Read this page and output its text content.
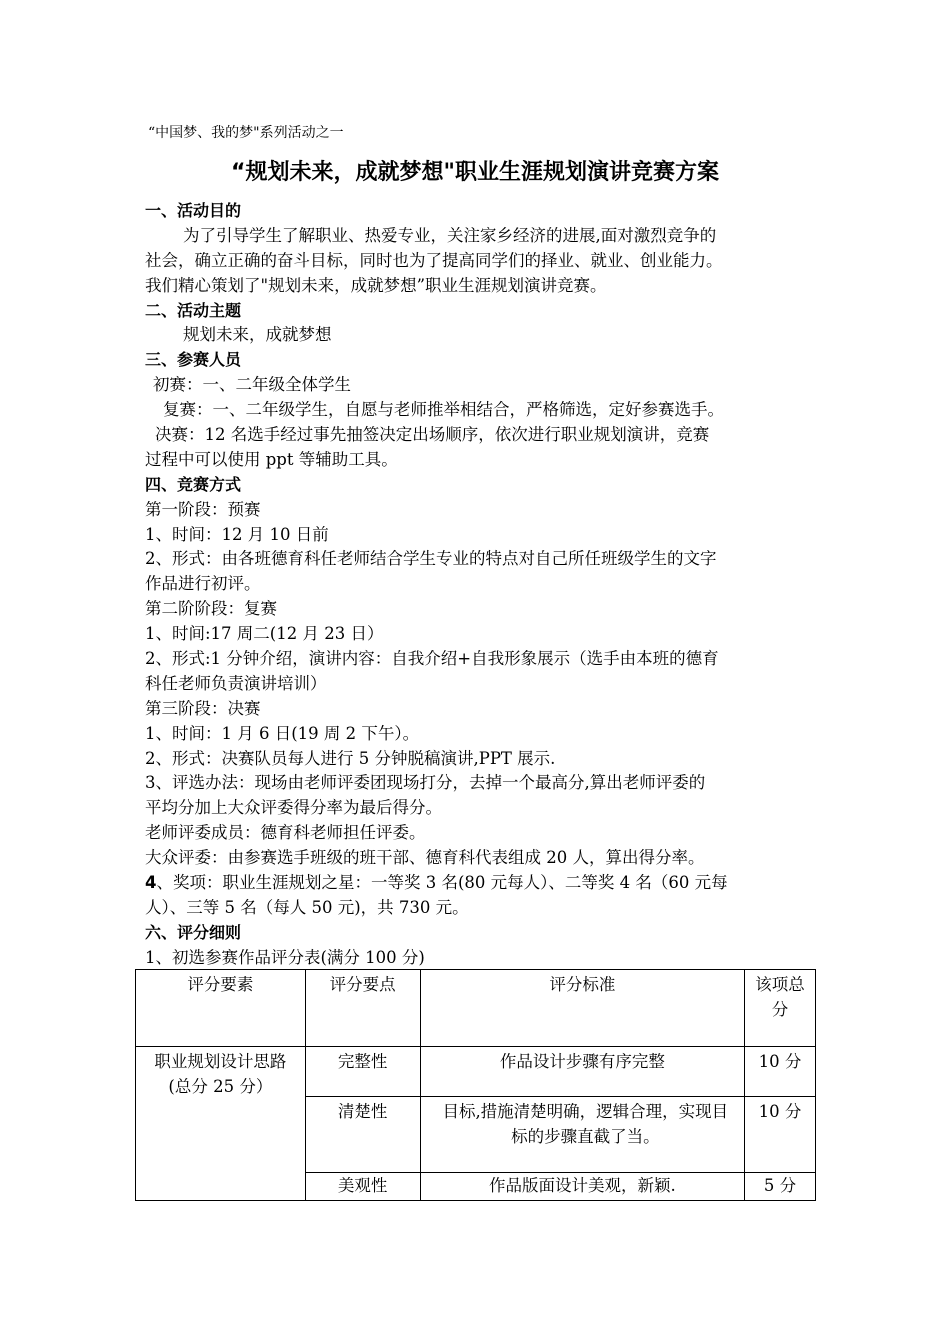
“中国梦、我的梦"系列活动之一
“规划未来，成就梦想"职业生涯规划演讲竞赛方案
一、活动目的
为了引导学生了解职业、热爱专业，关注家乡经济的进展,面对激烈竞争的
社会，确立正确的奋斗目标，同时也为了提高同学们的择业、就业、创业能力。
我们精心策划了"规划未来，成就梦想”职业生涯规划演讲竞赛。
二、活动主题
规划未来，成就梦想
三、参赛人员
初赛：一、二年级全体学生
复赛：一、二年级学生，自愿与老师推举相结合，严格筛选，定好参赛选手。
决赛：12 名选手经过事先抽签决定出场顺序，依次进行职业规划演讲，竞赛
过程中可以使用 ppt 等辅助工具。
四、竞赛方式
第一阶段：预赛
1、时间：12 月 10 日前
2、形式：由各班德育科任老师结合学生专业的特点对自己所任班级学生的文字
作品进行初评。
第二阶阶段：复赛
1、时间:17 周二(12 月 23 日）
2、形式:1 分钟介绍，演讲内容：自我介绍+自我形象展示（选手由本班的德育
科任老师负责演讲培训）
第三阶段：决赛
1、时间：1 月 6 日(19 周 2 下午）。
2、形式：决赛队员每人进行 5 分钟脱稿演讲,PPT 展示.
3、评选办法：现场由老师评委团现场打分，去掉一个最高分,算出老师评委的
平均分加上大众评委得分率为最后得分。
老师评委成员：德育科老师担任评委。
大众评委：由参赛选手班级的班干部、德育科代表组成 20 人，算出得分率。
4、奖项：职业生涯规划之星：一等奖 3 名(80 元每人）、二等奖 4 名（60 元每
人）、三等 5 名（每人 50 元)，共 730 元。
六、评分细则
1、初选参赛作品评分表(满分 100 分)
评分要素	评分要点	评分标准	该项总分

职业规划设计思路
(总分 25 分）	完整性	作品设计步骤有序完整	10 分
	清楚性	目标,措施清楚明确，逻辑合理，实现目标的步骤直截了当。	10 分
	美观性	作品版面设计美观，新颖.	5 分
